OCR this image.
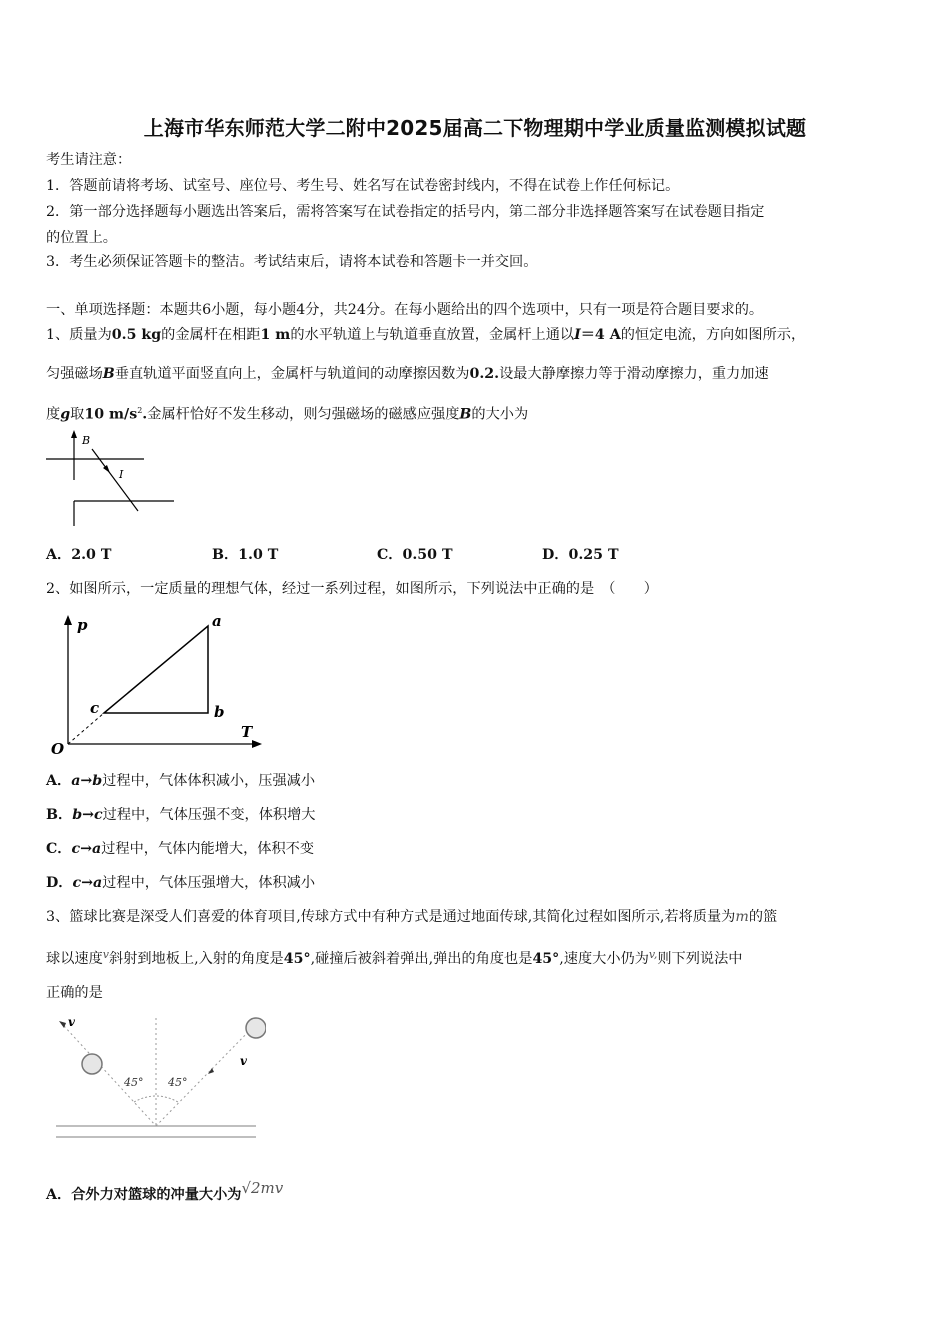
上海市华东师范大学二附中2025届高二下物理期中学业质量监测模拟试题
考生请注意：
1．答题前请将考场、试室号、座位号、考生号、姓名写在试卷密封线内，不得在试卷上作任何标记。
2．第一部分选择题每小题选出答案后，需将答案写在试卷指定的括号内，第二部分非选择题答案写在试卷题目指定
的位置上。
3．考生必须保证答题卡的整洁。考试结束后，请将本试卷和答题卡一并交回。
一、单项选择题：本题共6小题，每小题4分，共24分。在每小题给出的四个选项中，只有一项是符合题目要求的。
1、质量为0.5 kg的金属杆在相距1 m的水平轨道上与轨道垂直放置，金属杆上通以I＝4 A的恒定电流，方向如图所示，
匀强磁场B垂直轨道平面竖直向上，金属杆与轨道间的动摩擦因数为0.2.设最大静摩擦力等于滑动摩擦力，重力加速
度g取10 $m/s^2$.金属杆恰好不发生移动，则匀强磁场的磁感应强度B的大小为
B
I
A．2.0 T	B．1.0 T	C．0.50 T	D．0.25 T
2、如图所示，一定质量的理想气体，经过一系列过程，如图所示，下列说法中正确的是　（　　）
p
T
O
a
b
c
A．a→b过程中，气体体积减小，压强减小
B．b→c过程中，气体压强不变，体积增大
C．c→a过程中，气体内能增大，体积不变
D．c→a过程中，气体压强增大，体积减小
3、篮球比赛是深受人们喜爱的体育项目,传球方式中有种方式是通过地面传球,其简化过程如图所示,若将质量为m的篮
球以速度$^v$斜射到地板上,入射的角度是45°,碰撞后被斜着弹出,弹出的角度也是45°,速度大小仍为$^{v,}$则下列说法中
正确的是
v
v
45° 45°
A．合外力对篮球的冲量大小为√2mv
